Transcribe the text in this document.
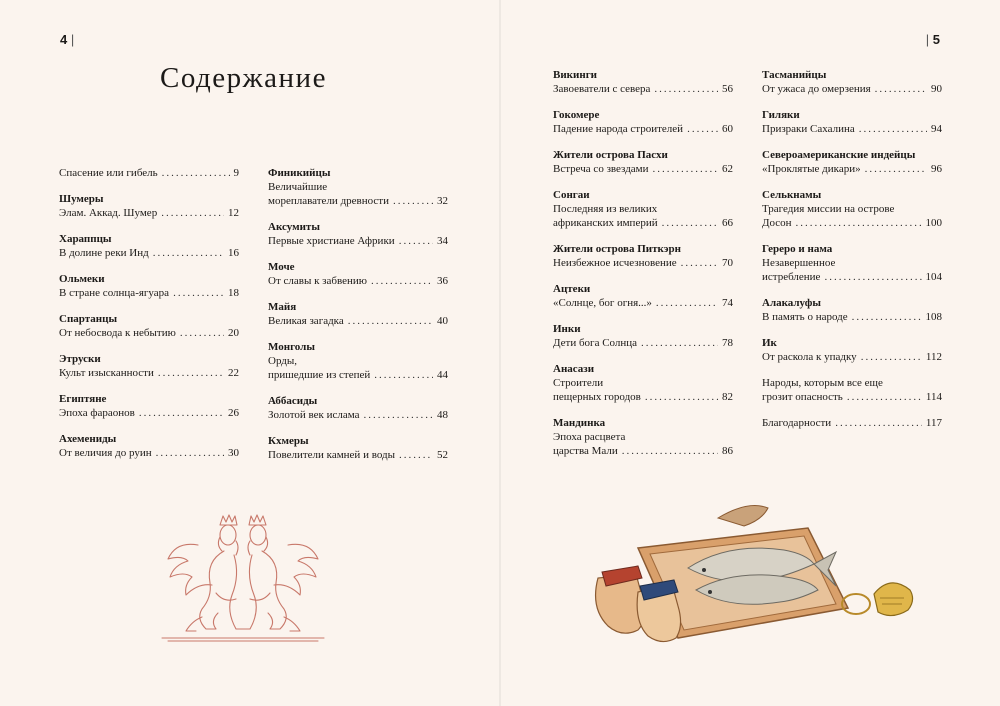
4 |	| 5
Содержание
Спасение или гибель .....	9
Шумеры
Элам. Аккад. Шумер .....	12
Хараппцы
В долине реки Инд .....	16
Ольмеки
В стране солнца-ягуара .....	18
Спартанцы
От небосвода к небытию .....	20
Этруски
Культ изысканности .....	22
Египтяне
Эпоха фараонов .....	26
Ахемениды
От величия до руин .....	30
Финикийцы
Величайшие
мореплаватели древности .....	32
Аксумиты
Первые христиане Африки .....	34
Моче
От славы к забвению .....	36
Майя
Великая загадка .....	40
Монголы
Орды,
пришедшие из степей .....	44
Аббасиды
Золотой век ислама .....	48
Кхмеры
Повелители камней и воды .....	52
Викинги
Завоеватели с севера .....	56
Гокомере
Падение народа строителей .....	60
Жители острова Пасхи
Встреча со звездами .....	62
Сонгаи
Последняя из великих
африканских империй .....	66
Жители острова Питкэрн
Неизбежное исчезновение .....	70
Ацтеки
«Солнце, бог огня...» .....	74
Инки
Дети бога Солнца .....	78
Анасази
Строители
пещерных городов .....	82
Мандинка
Эпоха расцвета
царства Мали .....	86
Тасманийцы
От ужаса до омерзения .....	90
Гиляки
Призраки Сахалина .....	94
Североамериканские индейцы
«Проклятые дикари» .....	96
Селькнамы
Трагедия миссии на острове
Досон .....	100
Гереро и нама
Незавершенное
истребление .....	104
Алакалуфы
В память о народе .....	108
Ик
От раскола к упадку .....	112
Народы, которым все еще
грозит опасность .....	114
Благодарности .....	117
